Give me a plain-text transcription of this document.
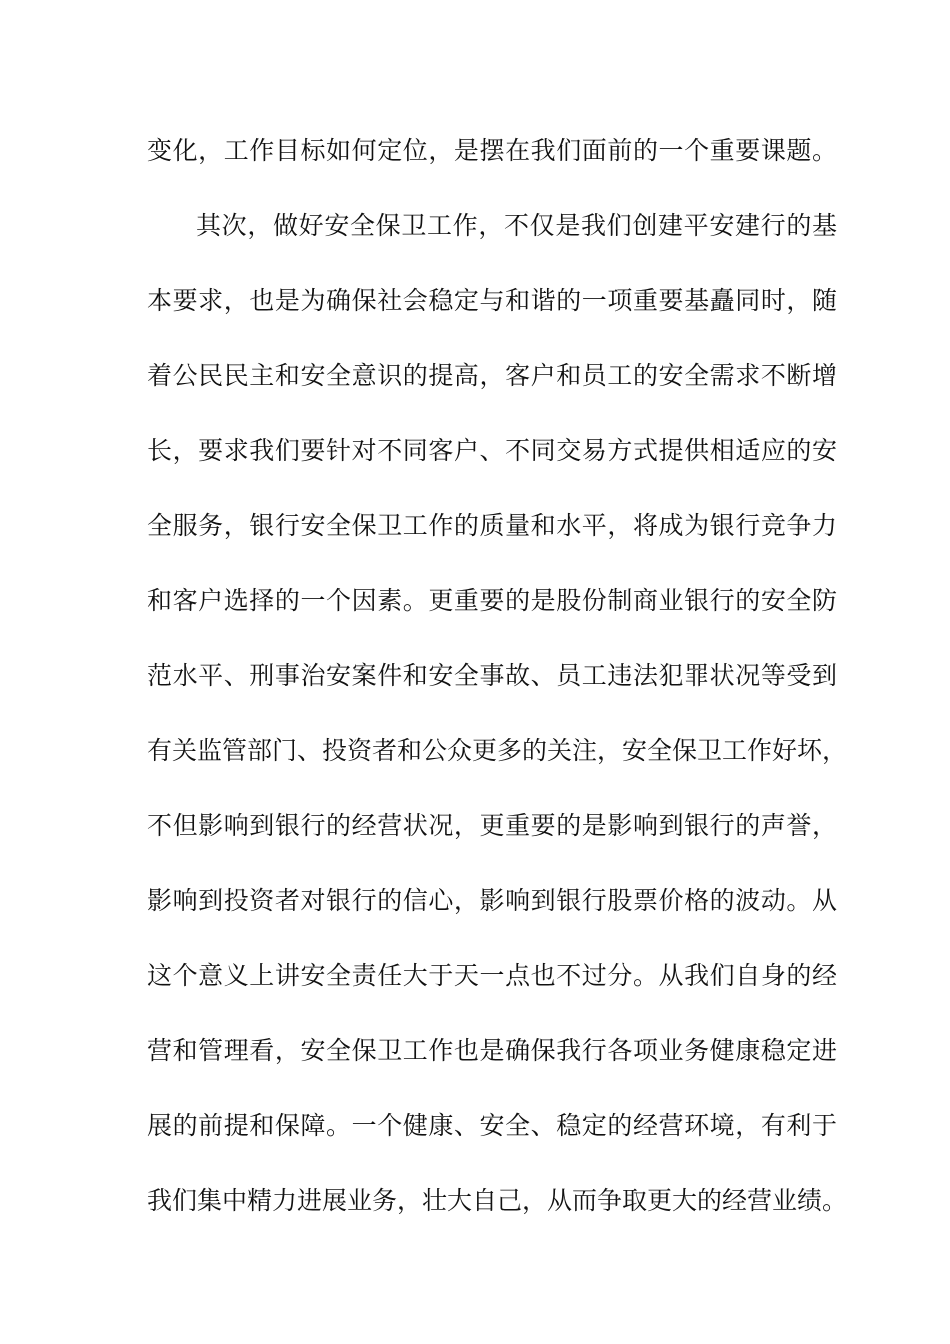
变化，工作目标如何定位，是摆在我们面前的一个重要课题。
其次，做好安全保卫工作，不仅是我们创建平安建行的基
本要求，也是为确保社会稳定与和谐的一项重要基矗同时，随
着公民民主和安全意识的提高，客户和员工的安全需求不断增
长，要求我们要针对不同客户、不同交易方式提供相适应的安
全服务，银行安全保卫工作的质量和水平，将成为银行竞争力
和客户选择的一个因素。更重要的是股份制商业银行的安全防
范水平、刑事治安案件和安全事故、员工违法犯罪状况等受到
有关监管部门、投资者和公众更多的关注，安全保卫工作好坏，
不但影响到银行的经营状况，更重要的是影响到银行的声誉，
影响到投资者对银行的信心，影响到银行股票价格的波动。从
这个意义上讲安全责任大于天一点也不过分。从我们自身的经
营和管理看，安全保卫工作也是确保我行各项业务健康稳定进
展的前提和保障。一个健康、安全、稳定的经营环境，有利于
我们集中精力进展业务，壮大自己，从而争取更大的经营业绩。
